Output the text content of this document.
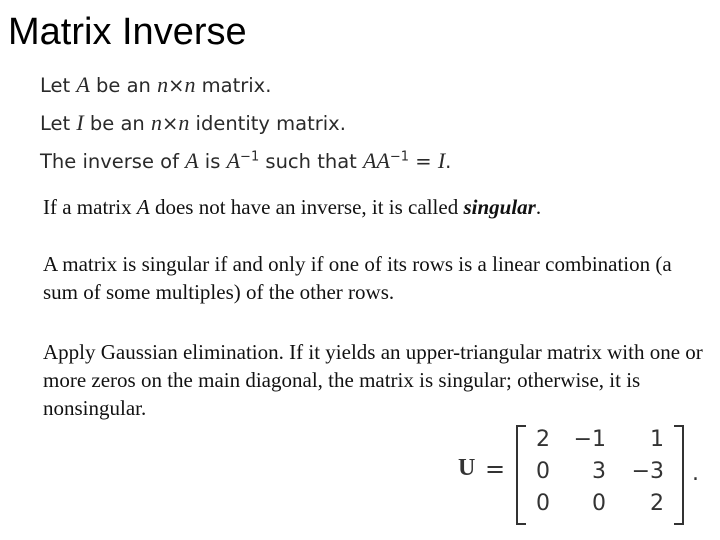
Matrix Inverse
Let A be an n×n matrix.
Let I be an n×n identity matrix.
The inverse of A is $A^{-1}$ such that $AA^{-1} = I$.
If a matrix A does not have an inverse, it is called singular.
A matrix is singular if and only if one of its rows is a linear combination (a sum of some multiples) of the other rows.
Apply Gaussian elimination. If it yields an upper-triangular matrix with one or more zeros on the main diagonal, the matrix is singular; otherwise, it is nonsingular.
U =
2	−1	1
0	3	−3
0	0	2
.
